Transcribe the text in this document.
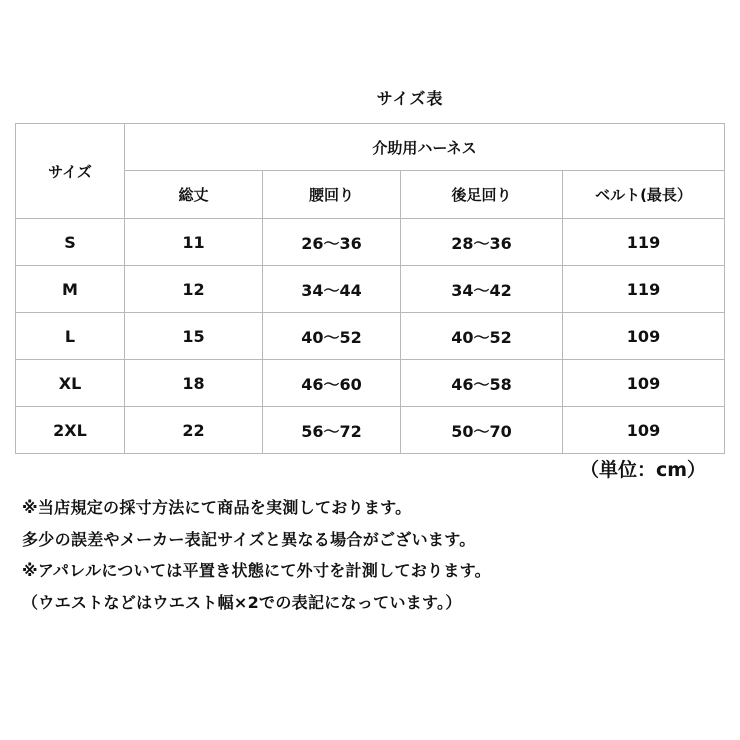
サイズ表
サイズ	介助用ハーネス			
	総丈	腰回り	後足回り	ベルト(最長）
S	11	26～36	28～36	119
M	12	34～44	34～42	119
L	15	40～52	40～52	109
XL	18	46～60	46～58	109
2XL	22	56～72	50～70	109
（単位：cm）
※当店規定の採寸方法にて商品を実測しております。
多少の誤差やメーカー表記サイズと異なる場合がございます。
※アパレルについては平置き状態にて外寸を計測しております。
（ウエストなどはウエスト幅×2での表記になっています。）
